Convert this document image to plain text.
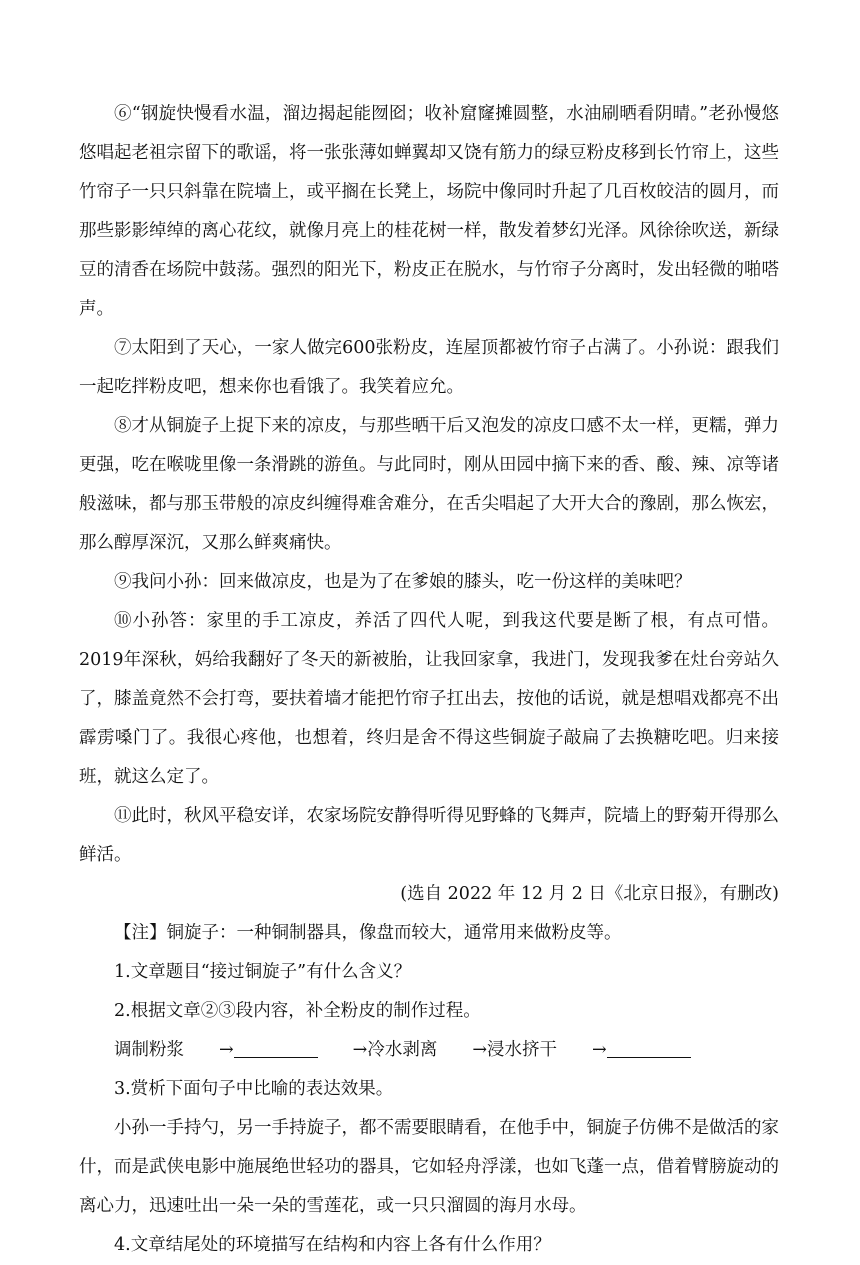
⑥“钢旋快慢看水温，溜边揭起能囫囵；收补窟窿摊圆整，水油刷晒看阴晴。”老孙慢悠悠唱起老祖宗留下的歌谣，将一张张薄如蝉翼却又饶有筋力的绿豆粉皮移到长竹帘上，这些竹帘子一只只斜靠在院墙上，或平搁在长凳上，场院中像同时升起了几百枚皎洁的圆月，而那些影影绰绰的离心花纹，就像月亮上的桂花树一样，散发着梦幻光泽。风徐徐吹送，新绿豆的清香在场院中鼓荡。强烈的阳光下，粉皮正在脱水，与竹帘子分离时，发出轻微的啪嗒声。

⑦太阳到了天心，一家人做完600张粉皮，连屋顶都被竹帘子占满了。小孙说：跟我们一起吃拌粉皮吧，想来你也看饿了。我笑着应允。

⑧才从铜旋子上捉下来的凉皮，与那些晒干后又泡发的凉皮口感不太一样，更糯，弹力更强，吃在喉咙里像一条滑跳的游鱼。与此同时，刚从田园中摘下来的香、酸、辣、凉等诸般滋味，都与那玉带般的凉皮纠缠得难舍难分，在舌尖唱起了大开大合的豫剧，那么恢宏，那么醇厚深沉，又那么鲜爽痛快。

⑨我问小孙：回来做凉皮，也是为了在爹娘的膝头，吃一份这样的美味吧？

⑩小孙答：家里的手工凉皮，养活了四代人呢，到我这代要是断了根，有点可惜。2019年深秋，妈给我翻好了冬天的新被胎，让我回家拿，我进门，发现我爹在灶台旁站久了，膝盖竟然不会打弯，要扶着墙才能把竹帘子扛出去，按他的话说，就是想唱戏都亮不出霹雳嗓门了。我很心疼他，也想着，终归是舍不得这些铜旋子敲扁了去换糖吃吧。归来接班，就这么定了。

⑪此时，秋风平稳安详，农家场院安静得听得见野蜂的飞舞声，院墙上的野菊开得那么鲜活。

(选自 2022 年 12 月 2 日《北京日报》，有删改)

【注】铜旋子：一种铜制器具，像盘而较大，通常用来做粉皮等。

1.文章题目“接过铜旋子”有什么含义？

2.根据文章②③段内容，补全粉皮的制作过程。

调制粉浆 →	→冷水剥离 →浸水挤干 →

3.赏析下面句子中比喻的表达效果。

小孙一手持勺，另一手持旋子，都不需要眼睛看，在他手中，铜旋子仿佛不是做活的家什，而是武侠电影中施展绝世轻功的器具，它如轻舟浮漾，也如飞蓬一点，借着臂膀旋动的离心力，迅速吐出一朵一朵的雪莲花，或一只只溜圆的海月水母。

4.文章结尾处的环境描写在结构和内容上各有什么作用？
